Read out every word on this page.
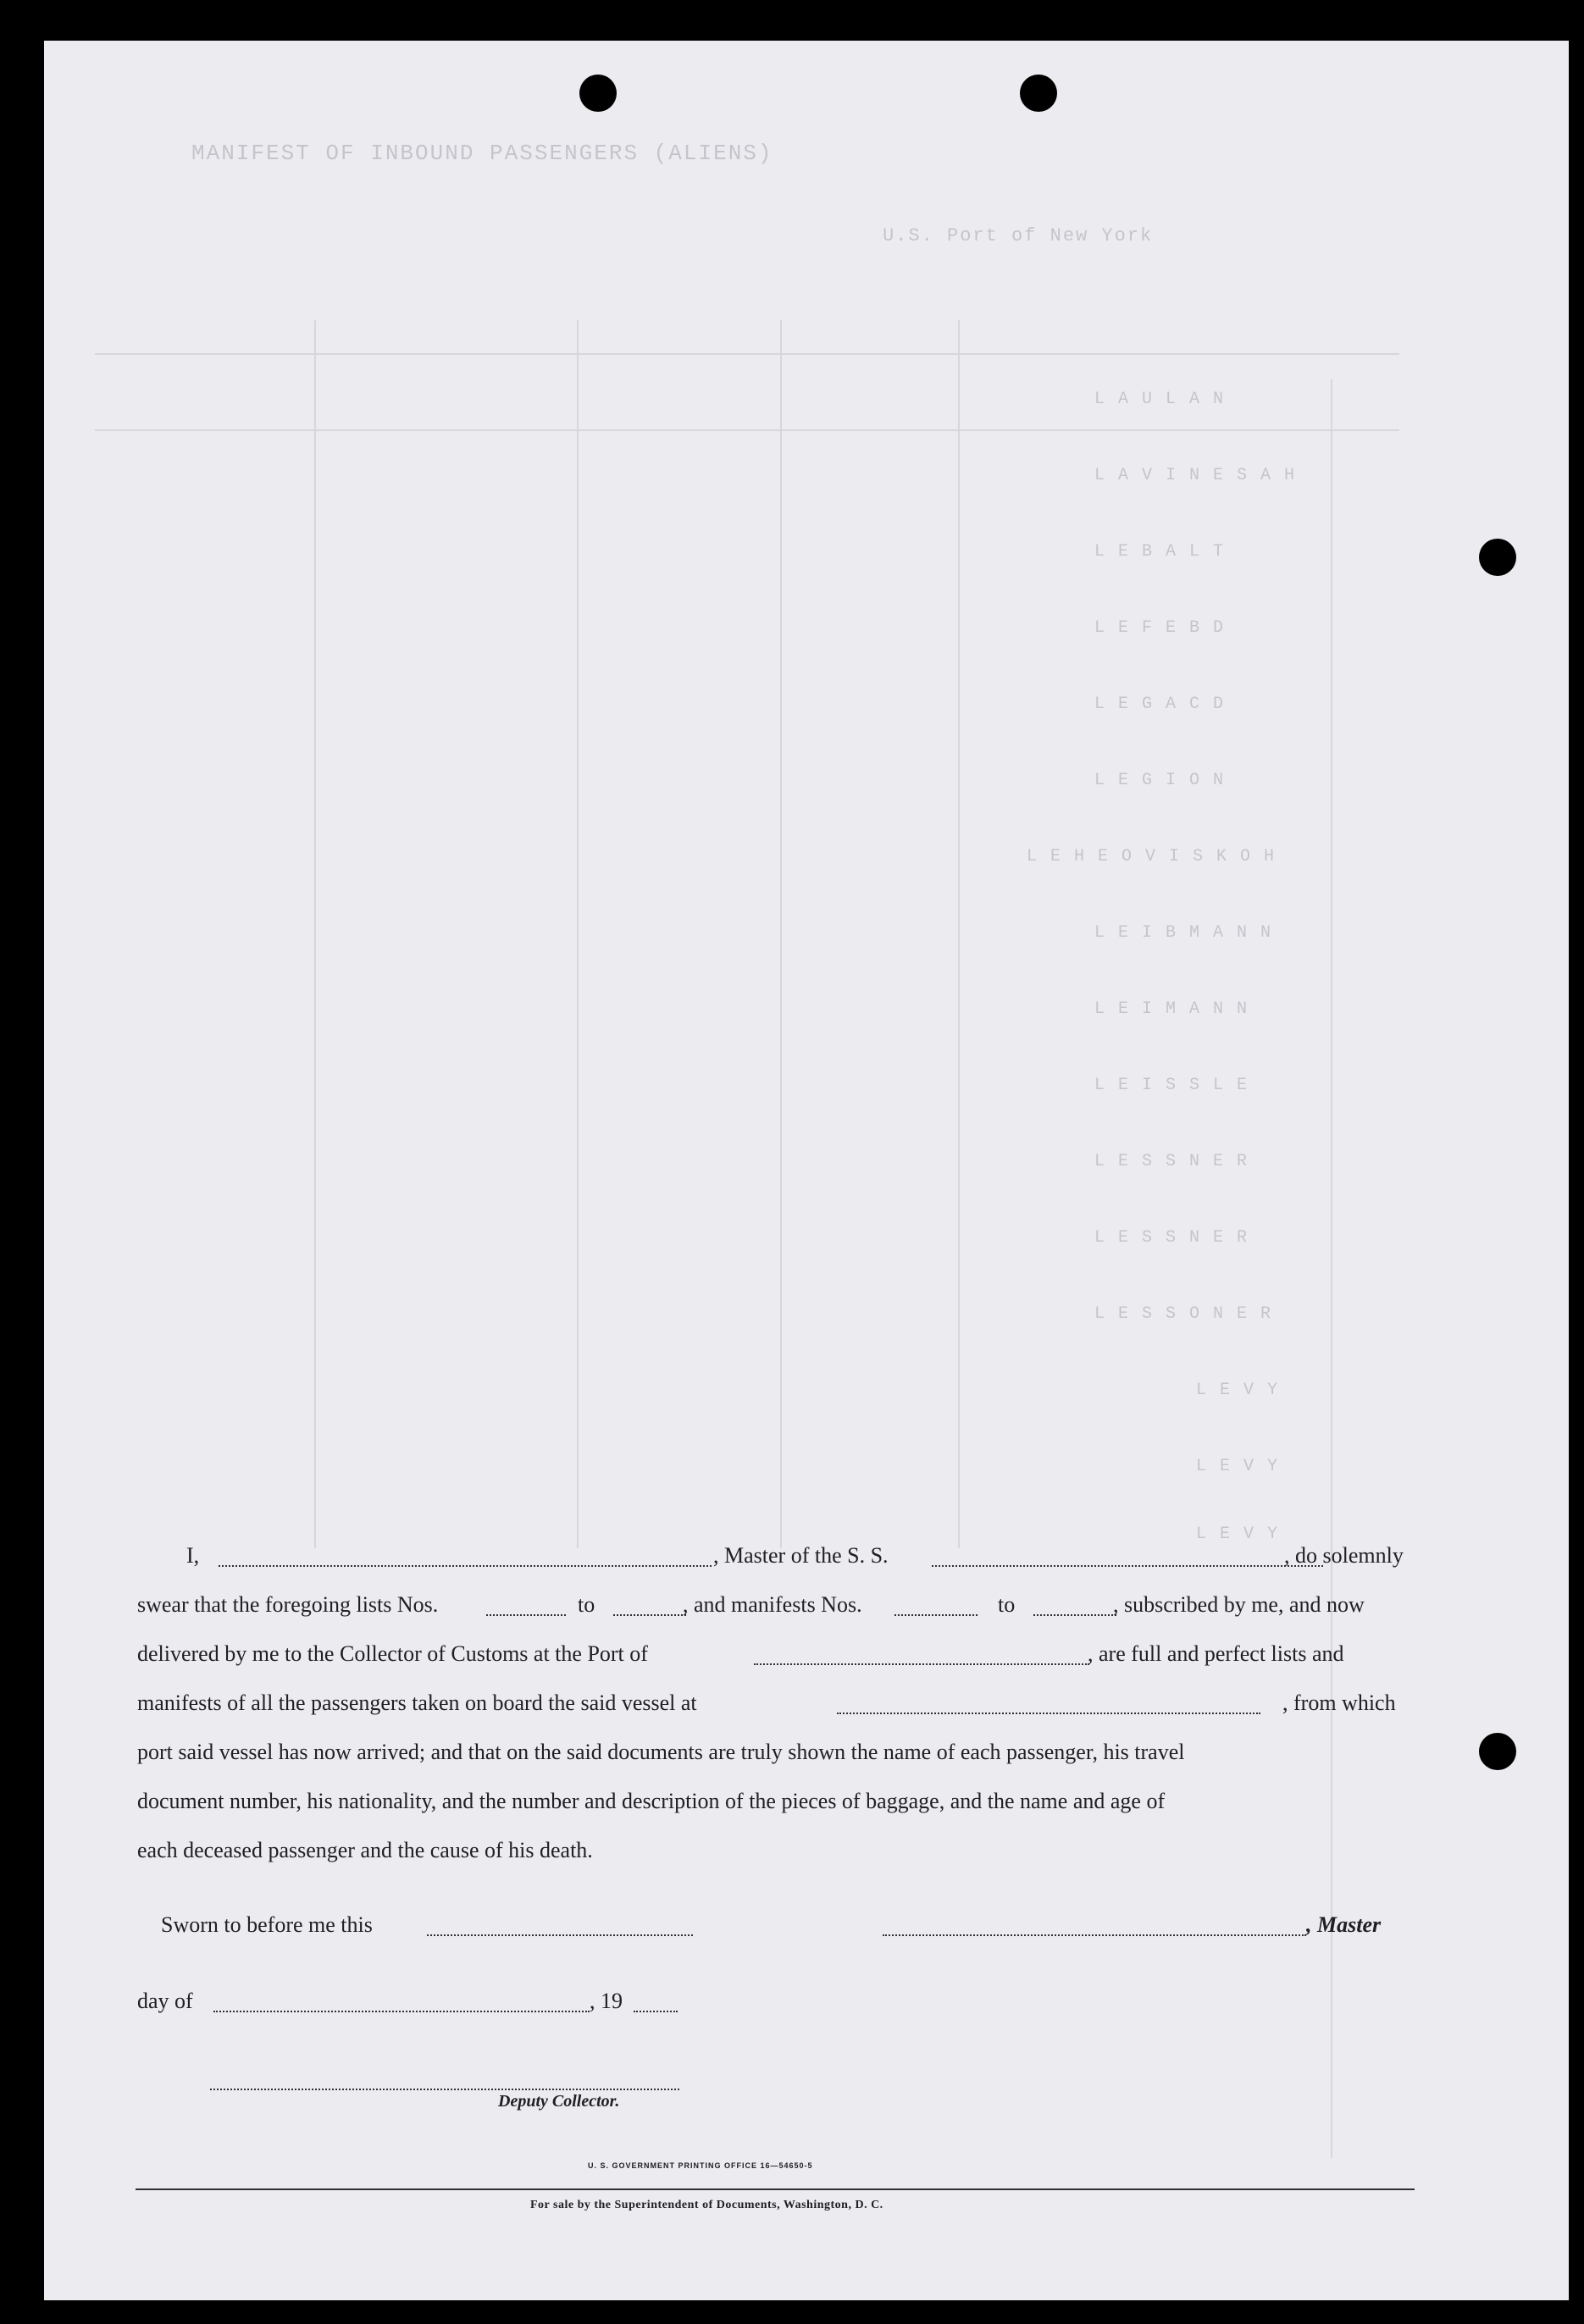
MANIFEST OF INBOUND PASSENGERS (ALIENS)
U.S. Port of New York
L A U L A N
L A V I N E S A H
L E B A L T
L E F E B D
L E G A C D
L E G I O N
L E H E O V I S K O H
L E I B M A N N
L E I M A N N
L E I S S L E
L E S S N E R
L E S S N E R
L E S S O N E R
L E V Y
L E V Y
L E V Y
I,	, Master of the S. S.	, do solemnly
swear that the foregoing lists Nos.	to	, and manifests Nos.	to	, subscribed by me, and now
delivered by me to the Collector of Customs at the Port of	, are full and perfect lists and
manifests of all the passengers taken on board the said vessel at	, from which
port said vessel has now arrived; and that on the said documents are truly shown the name of each passenger, his travel
document number, his nationality, and the number and description of the pieces of baggage, and the name and age of
each deceased passenger and the cause of his death.
Sworn to before me this	, Master
day of	, 19
Deputy Collector.
U. S. GOVERNMENT PRINTING OFFICE 16—54650-5
For sale by the Superintendent of Documents, Washington, D. C.
